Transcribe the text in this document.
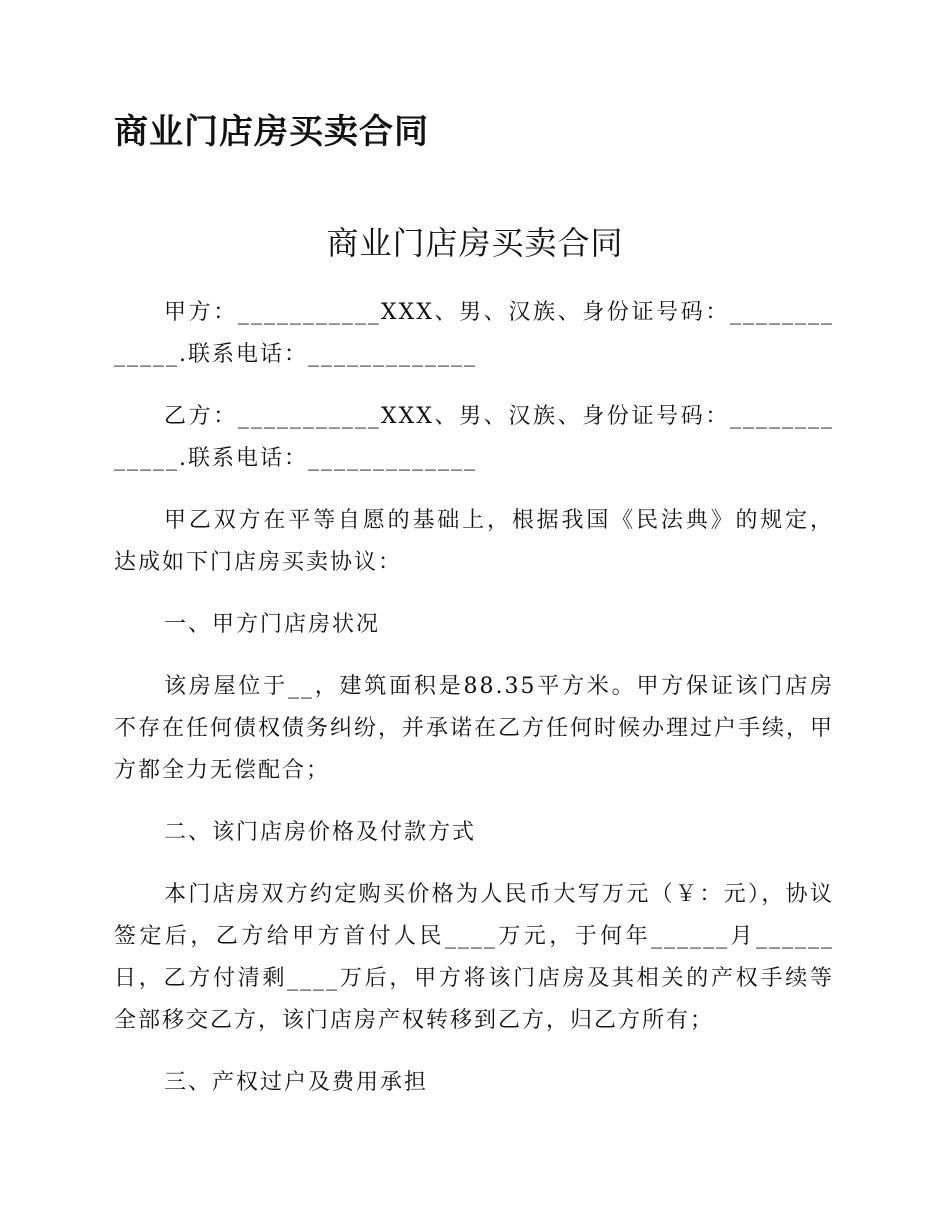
商业门店房买卖合同
商业门店房买卖合同

甲方：___________XXX、男、汉族、身份证号码：_____________.联系电话：_____________

乙方：___________XXX、男、汉族、身份证号码：_____________.联系电话：_____________

甲乙双方在平等自愿的基础上，根据我国《民法典》的规定，达成如下门店房买卖协议：

一、甲方门店房状况

该房屋位于__，建筑面积是88.35平方米。甲方保证该门店房不存在任何债权债务纠纷，并承诺在乙方任何时候办理过户手续，甲方都全力无偿配合；

二、该门店房价格及付款方式

本门店房双方约定购买价格为人民币大写万元（￥：元），协议签定后，乙方给甲方首付人民____万元，于何年______月______日，乙方付清剩____万后，甲方将该门店房及其相关的产权手续等全部移交乙方，该门店房产权转移到乙方，归乙方所有；

三、产权过户及费用承担
